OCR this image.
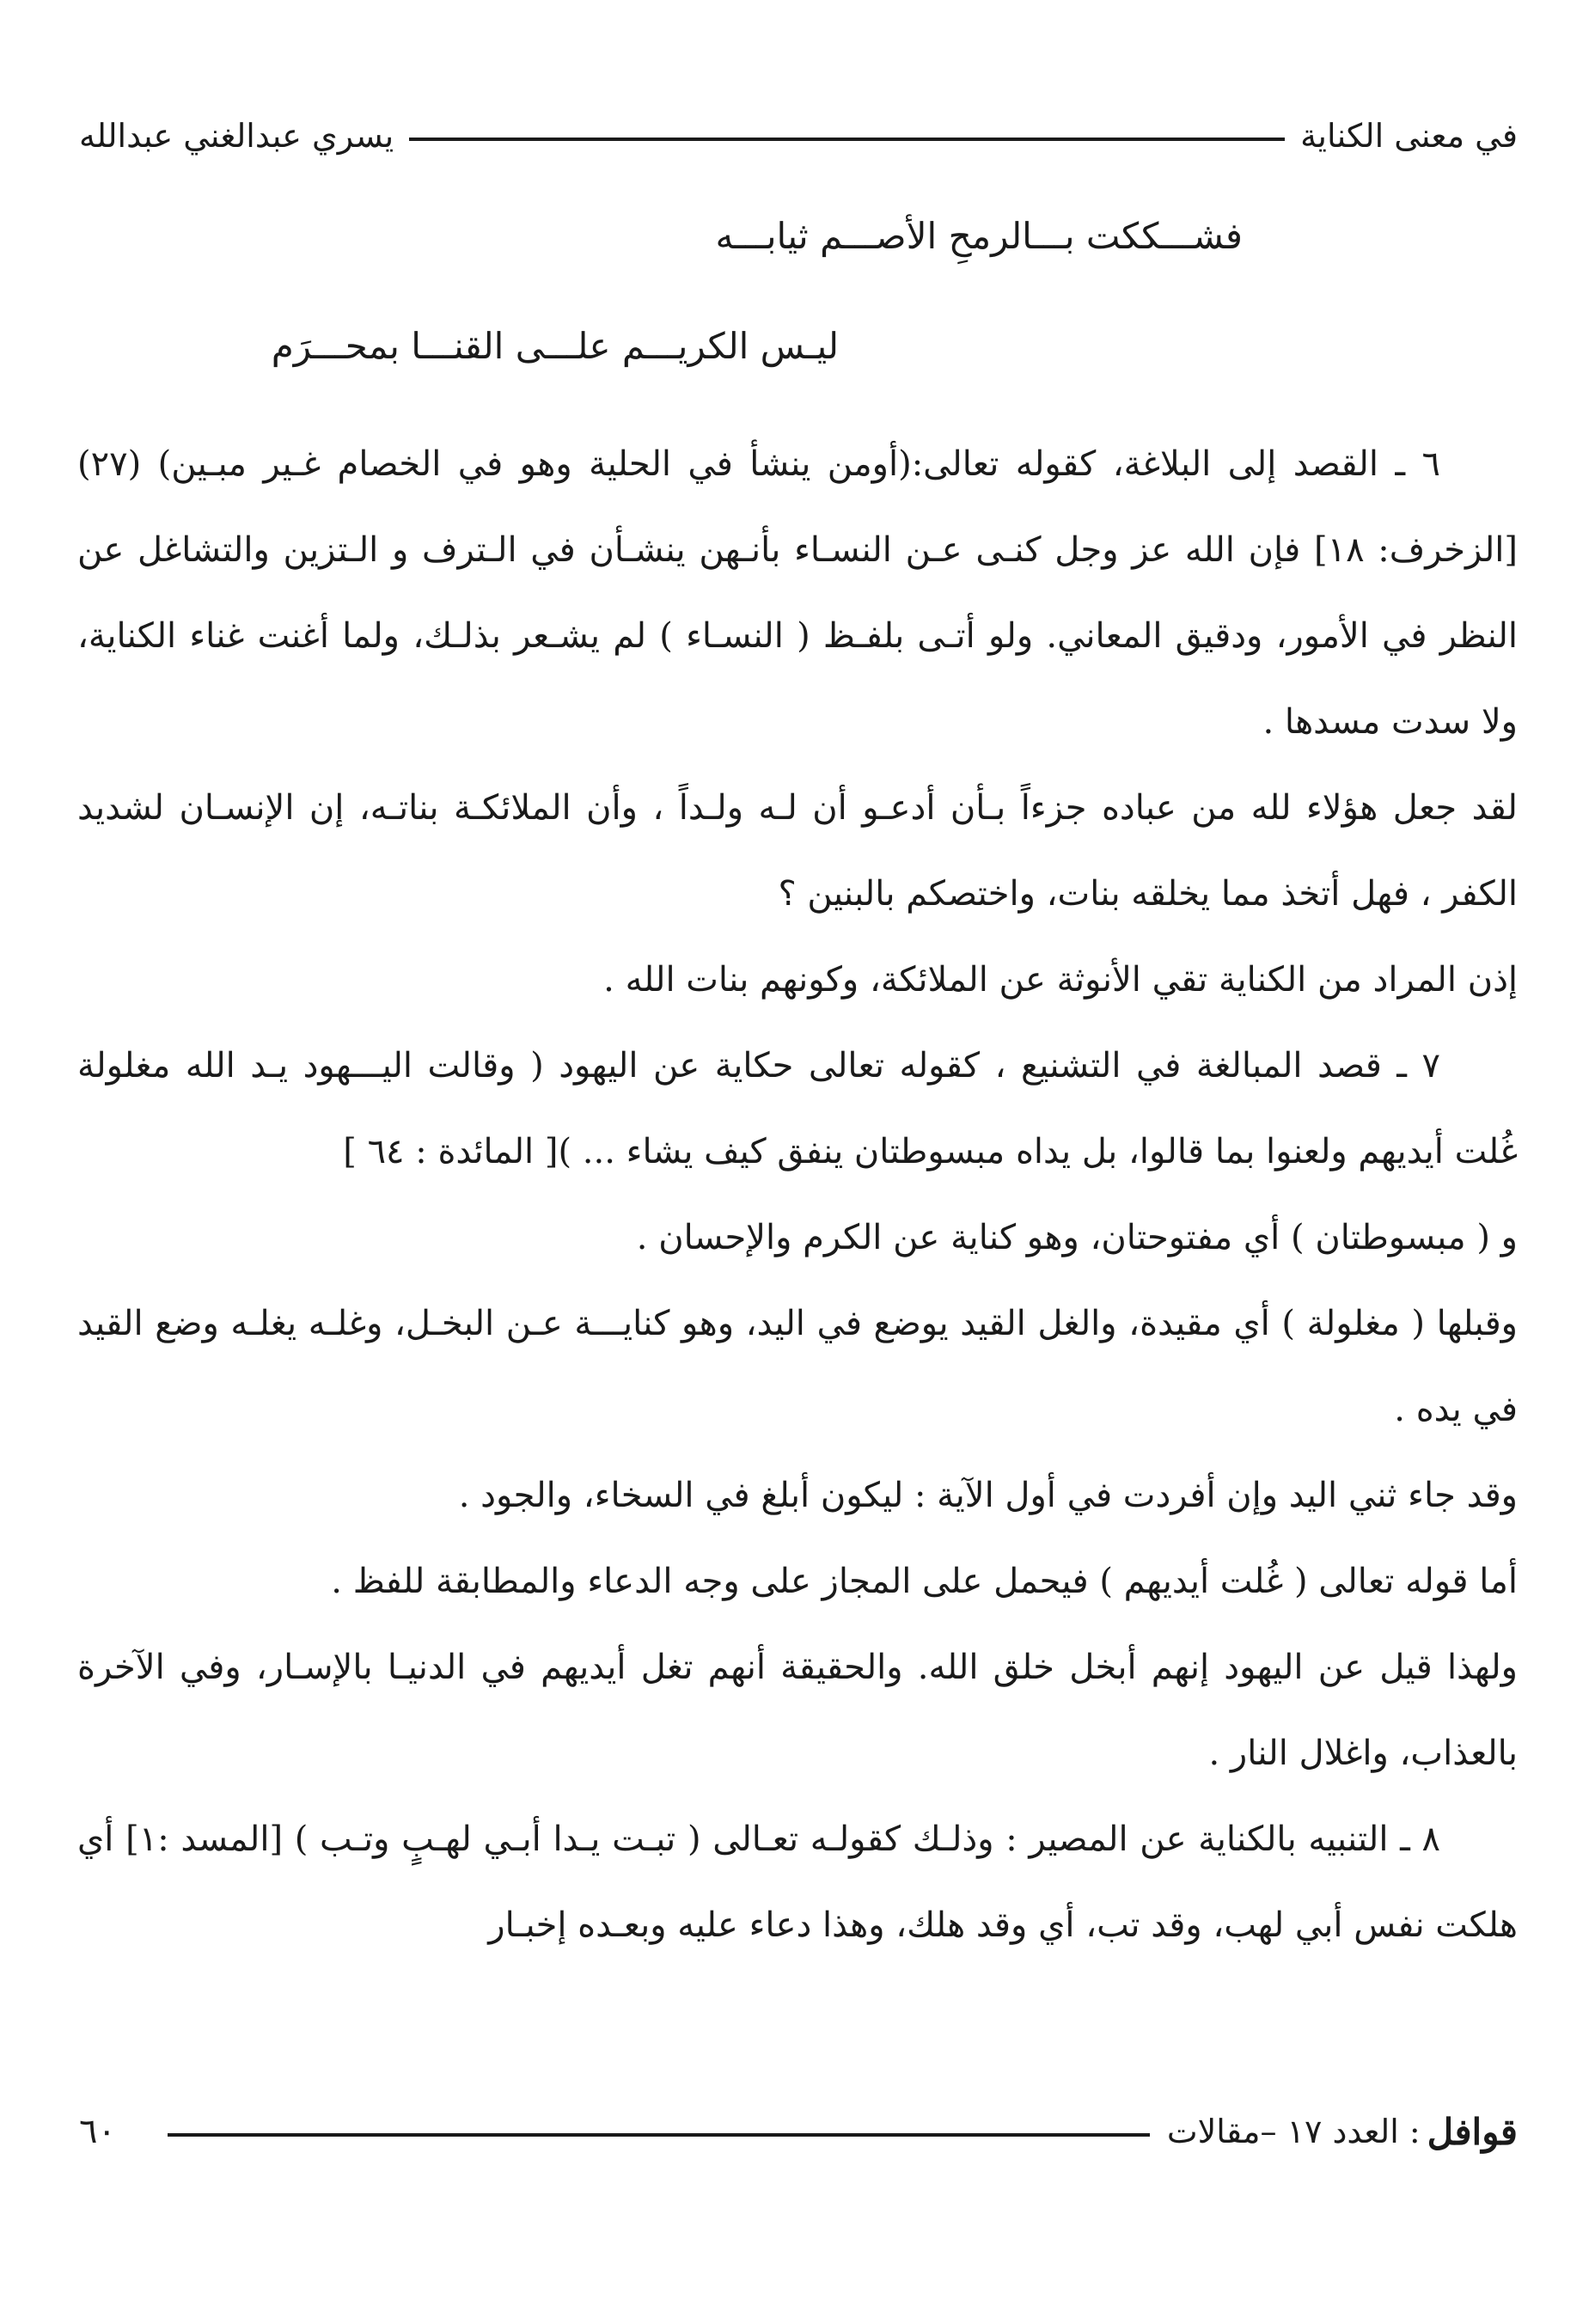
في معنى الكناية
يسري عبدالغني عبدالله
فشـــككت بـــالرمحِ الأصـــم ثيابـــه
ليـس الكريـــم علـــى القنـــا بمحـــرَم

٦ ـ القصد إلى البلاغة، كقوله تعالى:(أومن ينشأ في الحلية وهو في الخصام غـير مبـين) (٢٧)[الزخرف: ١٨] فإن الله عز وجل كنـى عـن النسـاء بأنـهن ينشـأن في الـترف و الـتزين والتشاغل عن النظر في الأمور، ودقيق المعاني. ولو أتـى بلفـظ ( النسـاء ) لم يشـعر بذلـك، ولما أغنت غناء الكناية، ولا سدت مسدها .

لقد جعل هؤلاء لله من عباده جزءاً بـأن أدعـو أن لـه ولـداً ، وأن الملائكـة بناتـه، إن الإنسـان لشديد الكفر ، فهل أتخذ مما يخلقه بنات، واختصكم بالبنين ؟

إذن المراد من الكناية تقي الأنوثة عن الملائكة، وكونهم بنات الله .

٧ ـ قصد المبالغة في التشنيع ، كقوله تعالى حكاية عن اليهود ( وقالت اليـــهود يـد الله مغلولة غُلت أيديهم ولعنوا بما قالوا، بل يداه مبسوطتان ينفق كيف يشاء ... )[ المائدة : ٦٤ ]

و ( مبسوطتان ) أي مفتوحتان، وهو كناية عن الكرم والإحسان .

وقبلها ( مغلولة ) أي مقيدة، والغل القيد يوضع في اليد، وهو كنايـــة عـن البخـل، وغلـه يغلـه وضع القيد في يده .

وقد جاء ثني اليد وإن أفردت في أول الآية : ليكون أبلغ في السخاء، والجود .

أما قوله تعالى ( غُلت أيديهم ) فيحمل على المجاز على وجه الدعاء والمطابقة للفظ .

ولهذا قيل عن اليهود إنهم أبخل خلق الله. والحقيقة أنهم تغل أيديهم في الدنيـا بالإسـار، وفي الآخرة بالعذاب، واغلال النار .

٨ ـ التنبيه بالكناية عن المصير : وذلـك كقولـه تعـالى ( تبـت يـدا أبـي لهـبٍ وتـب ) [المسد :١] أي هلكت نفس أبي لهب، وقد تب، أي وقد هلك، وهذا دعاء عليه وبعـده إخبـار

قوافل
: العدد ١٧ –مقالات
٦٠
